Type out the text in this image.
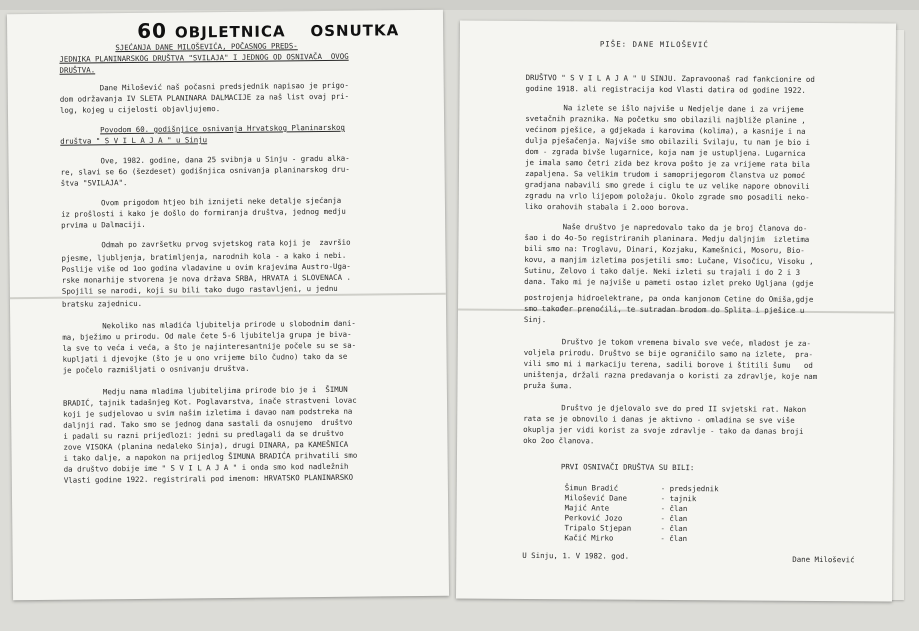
60 OBJLETNICA    OSNUTKA
SJEĆANJA DANE MILOŠEVIĆA, POČASNOG PREDS-
JEDNIKA PLANINARSKOG DRUŠTVA "SVILAJA" I JEDNOG OD OSNIVAČA  OVOG
DRUŠTVA.
Dane Milošević naš počasni predsjednik napisao je prigo-
dom održavanja IV SLETA PLANINARA DALMACIJE za naš list ovaj pri-
log, kojeg u cijelosti objavljujemo.
Povodom 60. godišnjice osnivanja Hrvatskog Planinarskog
društva " S V I L A J A " u Sinju
Ove, 1982. godine, dana 25 svibnja u Sinju - gradu alka-
re, slavi se 6o (šezdeset) godišnjica osnivanja planinarskog dru-
štva "SVILAJA".
Ovom prigodom htjeo bih iznijeti neke detalje sjećanja
iz prošlosti i kako je došlo do formiranja društva, jednog medju
prvima u Dalmaciji.
Odmah po završetku prvog svjetskog rata koji je  završio
pjesme, ljubljenja, bratimljenja, narodnih kola - a kako i nebi.
Poslije više od 1oo godina vladavine u ovim krajevima Austro-Uga-
rske monarhije stvorena je nova država SRBA, HRVATA i SLOVENACA .
Spojili se narodi, koji su bili tako dugo rastavljeni, u jednu
bratsku zajednicu.
Nekoliko nas mladića ljubitelja prirode u slobodnim dani-
ma, bježimo u prirodu. Od male čete 5-6 ljubitelja grupa je biva-
la sve to veća i veća, a što je najinteresantnije počele su se sa-
kupljati i djevojke (što je u ono vrijeme bilo čudno) tako da se
je počelo razmišljati o osnivanju društva.
Medju namа mladima ljubiteljima prirode bio je i  ŠIMUN
BRADIĆ, tajnik tadašnjeg Kot. Poglavarstva, inače strastveni lovac
koji je sudjelovao u svim našim izletima i davao nam podstreka na
daljnji rad. Tako smo se jednog dana sastali da osnujemo  društvo
i padali su razni prijedlozi: jedni su predlagali da se društvo
zove VISOKA (planina nedaleko Sinja), drugi DINARA, pa KAMEŠNICA
i tako dalje, a napokon na prijedlog ŠIMUNA BRADIĆA prihvatili smo
da društvo dobije ime " S V I L A J A " i onda smo kod nadležnih
Vlasti godine 1922. registrirali pod imenom: HRVATSKO PLANINARSKO
PIŠE: DANE MILOŠEVIĆ
DRUŠTVO " S V I L A J A " U SINJU. Zapravoonaš rad fankcionire od
godine 1918. ali registracija kod Vlasti datira od godine 1922.
Na izlete se išlo najviše u Nedjelje dane i za vrijeme
svetačnih praznika. Na početku smo obilazili najbliže planine ,
većinom pješice, a gdjekada i karovima (kolima), a kasnije i na
dulja pješačenja. Najviše smo obilazili Svilaju, tu nam je bio i
dom - zgrada bivše lugarnice, koja nam je ustupljena. Lugarnica
je imala samo četri zida bez krova pošto je za vrijeme rata bila
zapaljena. Sa velikim trudom i samoprijegorom članstva uz pomoć
gradjana nabavili smo grede i ciglu te uz velike napore obnovili
zgradu na vrlo lijepom položaju. Okolo zgrade smo posadili neko-
liko orahovih stabala i 2.ooo borova.
Naše društvo je napredovalo tako da je broj članova do-
šao i do 4o-5o registriranih planinara. Medju daljnjim  izletima
bili smo na: Troglavu, Dinari, Kozjaku, Kamešnici, Mosoru, Bio-
kovu, a manjim izletima posjetili smo: Lučane, Visočicu, Visoku ,
Sutinu, Zelovo i tako dalje. Neki izleti su trajali i do 2 i 3
dana. Tako mi je najviše u pameti ostao izlet preko Ugljana (gdje
postrojenja hidroelektrane, pa onda kanjonom Cetine do Omiša,gdje
smo također prenoćili, te sutradan brodom do Splita i pješice u
Sinj.
Društvo je tokom vremena bivalo sve veće, mladost je za-
voljela prirodu. Društvo se bije ograničilo samo na izlete,  pra-
vili smo mi i markaciju terena, sadili borove i štitili šumu   od
uništenja, držali razna predavanja o koristi za zdravlje, koje nam
pruža šuma.
Društvo je djelovalo sve do pred II svjetski rat. Nakon
rata se je obnovilo i danas je aktivno - omladina se sve više
okuplja jer vidi korist za svoje zdravlje - tako da danas broji
oko 2oo članova.
PRVI OSNIVAČI DRUŠTVA SU BILI:
Šimun Bradić	- predsjednik
Milošević Dane	- tajnik
Majić Ante	- član
Perković Jozo	- član
Tripalo Stjepan	- član
Kačić Mirko	- član
U Sinju, 1. V 1982. god.	Dane Milošević
